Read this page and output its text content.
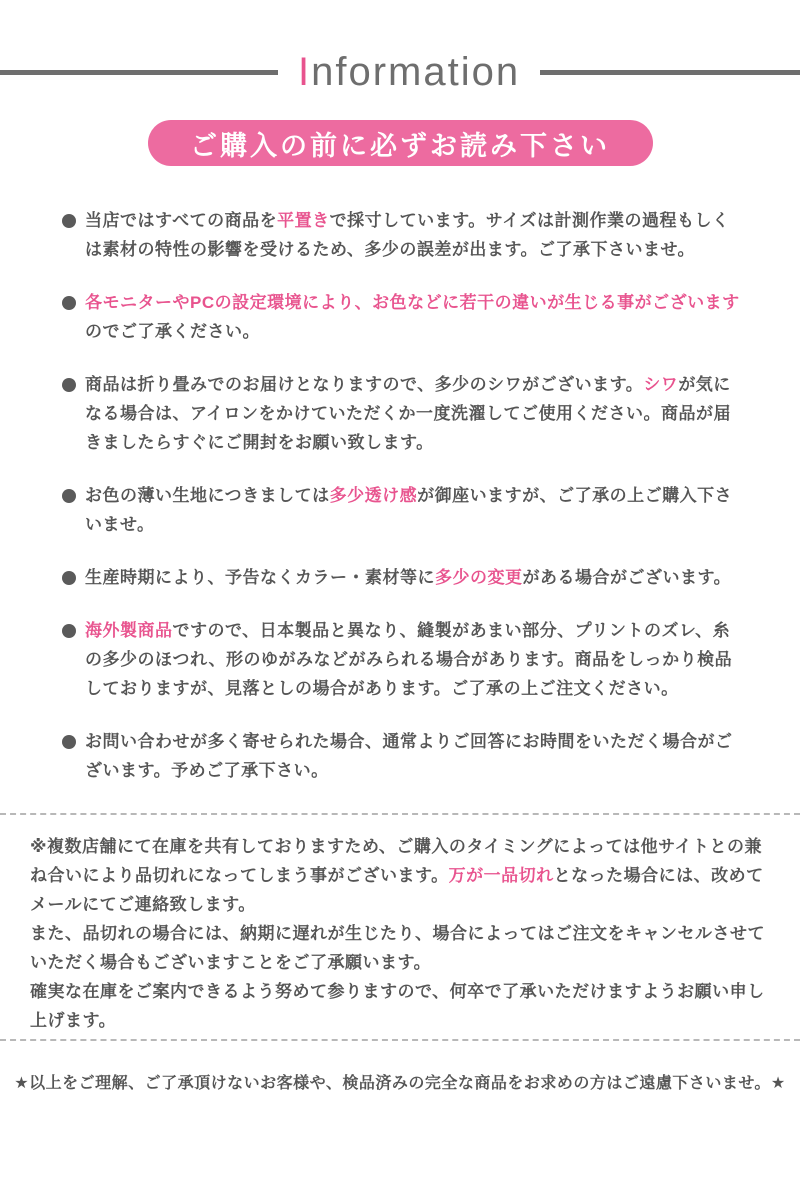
Information
ご購入の前に必ずお読み下さい

当店ではすべての商品を平置きで採寸しています。サイズは計測作業の過程もしくは素材の特性の影響を受けるため、多少の誤差が出ます。ご了承下さいませ。

各モニターやPCの設定環境により、お色などに若干の違いが生じる事がございますのでご了承ください。

商品は折り畳みでのお届けとなりますので、多少のシワがございます。シワが気になる場合は、アイロンをかけていただくか一度洗濯してご使用ください。商品が届きましたらすぐにご開封をお願い致します。

お色の薄い生地につきましては多少透け感が御座いますが、ご了承の上ご購入下さいませ。

生産時期により、予告なくカラー・素材等に多少の変更がある場合がございます。

海外製商品ですので、日本製品と異なり、縫製があまい部分、プリントのズレ、糸の多少のほつれ、形のゆがみなどがみられる場合があります。商品をしっかり検品しておりますが、見落としの場合があります。ご了承の上ご注文ください。

お問い合わせが多く寄せられた場合、通常よりご回答にお時間をいただく場合がございます。予めご了承下さい。

※複数店舗にて在庫を共有しておりますため、ご購入のタイミングによっては他サイトとの兼ね合いにより品切れになってしまう事がございます。万が一品切れとなった場合には、改めてメールにてご連絡致します。

また、品切れの場合には、納期に遅れが生じたり、場合によってはご注文をキャンセルさせていただく場合もございますことをご了承願います。

確実な在庫をご案内できるよう努めて参りますので、何卒で了承いただけますようお願い申し上げます。

★以上をご理解、ご了承頂けないお客様や、検品済みの完全な商品をお求めの方はご遠慮下さいませ。★
